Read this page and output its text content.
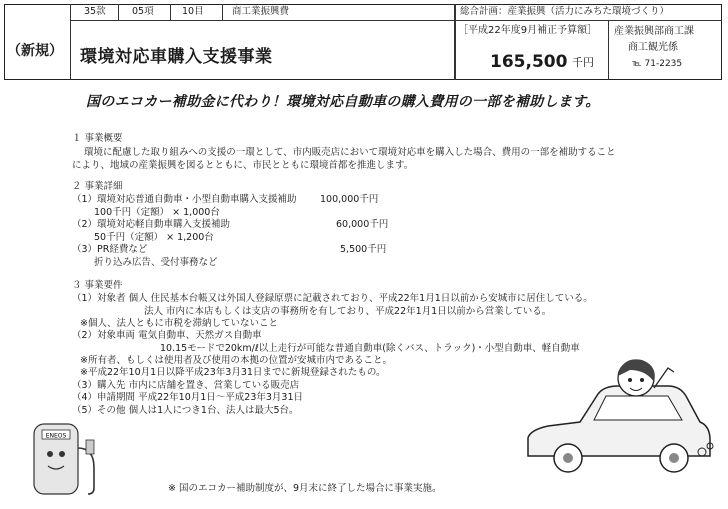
35款	05項	10目	商工業振興費	総合計画：産業振興（活力にみちた環境づくり）
（新規） 環境対応車購入支援事業
［平成22年度9月補正予算額］
165,500 千円
産業振興部商工課
商工観光係
℡ 71-2235
国のエコカー補助金に代わり！環境対応自動車の購入費用の一部を補助します。
１ 事業概要
環境に配慮した取り組みへの支援の一環として、市内販売店において環境対応車を購入した場合、費用の一部を補助すること
により、地域の産業振興を図るとともに、市民とともに環境首都を推進します。
２ 事業詳細
（1）環境対応普通自動車・小型自動車購入支援補助 100,000千円
100千円（定額） × 1,000台
（2）環境対応軽自動車購入支援補助	60,000千円
50千円（定額） × 1,200台
（3）PR経費など	5,500千円
折り込み広告、受付事務など
３ 事業要件
（1）対象者 個人 住民基本台帳又は外国人登録原票に記載されており、平成22年1月1日以前から安城市に居住している。
法人 市内に本店もしくは支店の事務所を有しており、平成22年1月1日以前から営業している。
※個人、法人ともに市税を滞納していないこと
（2）対象車両 電気自動車、天然ガス自動車
10.15モードで20km/ℓ以上走行が可能な普通自動車(除くバス、トラック)・小型自動車、軽自動車
※所有者、もしくは使用者及び使用の本拠の位置が安城市内であること。
※平成22年10月1日以降平成23年3月31日までに新規登録されたもの。
（3）購入先 市内に店舗を置き、営業している販売店
（4）申請期間 平成22年10月1日～平成23年3月31日
（5）その他 個人は1人につき1台、法人は最大5台。
※ 国のエコカー補助制度が、9月末に終了した場合に事業実施。
ENEOS
